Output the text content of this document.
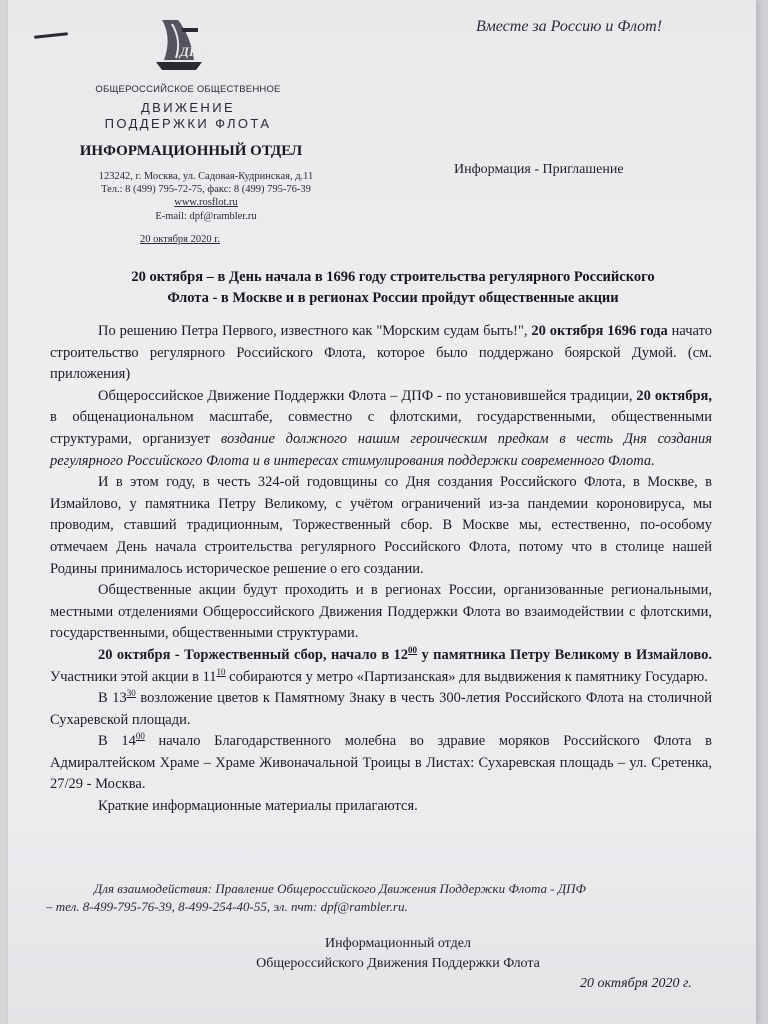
ДПФ
Вместе за Россию и Флот!
ОБЩЕРОССИЙСКОЕ ОБЩЕСТВЕННОЕ
ДВИЖЕНИЕ
ПОДДЕРЖКИ ФЛОТА
ИНФОРМАЦИОННЫЙ ОТДЕЛ
123242, г. Москва, ул. Садовая-Кудринская, д.11
Тел.: 8 (499) 795-72-75, факс: 8 (499) 795-76-39
www.rosflot.ru
E-mail: dpf@rambler.ru
20 октября 2020 г.
Информация - Приглашение
20 октября – в День начала в 1696 году строительства регулярного Российского
Флота - в Москве и в регионах России пройдут общественные акции

По решению Петра Первого, известного как "Морским судам быть!", 20 октября 1696 года начато строительство регулярного Российского Флота, которое было поддержано боярской Думой. (см. приложения)

Общероссийское Движение Поддержки Флота – ДПФ - по установившейся традиции, 20 октября, в общенациональном масштабе, совместно с флотскими, государственными, общественными структурами, организует воздание должного нашим героическим предкам в честь Дня создания регулярного Российского Флота и в интересах стимулирования поддержки современного Флота.

И в этом году, в честь 324-ой годовщины со Дня создания Российского Флота, в Москве, в Измайлово, у памятника Петру Великому, с учётом ограничений из-за пандемии короновируса, мы проводим, ставший традиционным, Торжественный сбор. В Москве мы, естественно, по-особому отмечаем День начала строительства регулярного Российского Флота, потому что в столице нашей Родины принималось историческое решение о его создании.

Общественные акции будут проходить и в регионах России, организованные региональными, местными отделениями Общероссийского Движения Поддержки Флота во взаимодействии с флотскими, государственными, общественными структурами.

20 октября - Торжественный сбор, начало в $12^{00}$ у памятника Петру Великому в Измайлово. Участники этой акции в $11^{10}$ собираются у метро «Партизанская» для выдвижения к памятнику Государю.

В $13^{30}$ возложение цветов к Памятному Знаку в честь 300-летия Российского Флота на столичной Сухаревской площади.

В $14^{00}$ начало Благодарственного молебна во здравие моряков Российского Флота в Адмиралтейском Храме – Храме Живоначальной Троицы в Листах: Сухаревская площадь – ул. Сретенка, 27/29 - Москва.

Краткие информационные материалы прилагаются.

Для взаимодействия: Правление Общероссийского Движения Поддержки Флота - ДПФ
– тел. 8-499-795-76-39, 8-499-254-40-55, эл. пчт: dpf@rambler.ru.
Информационный отдел
Общероссийского Движения Поддержки Флота
20 октября 2020 г.
